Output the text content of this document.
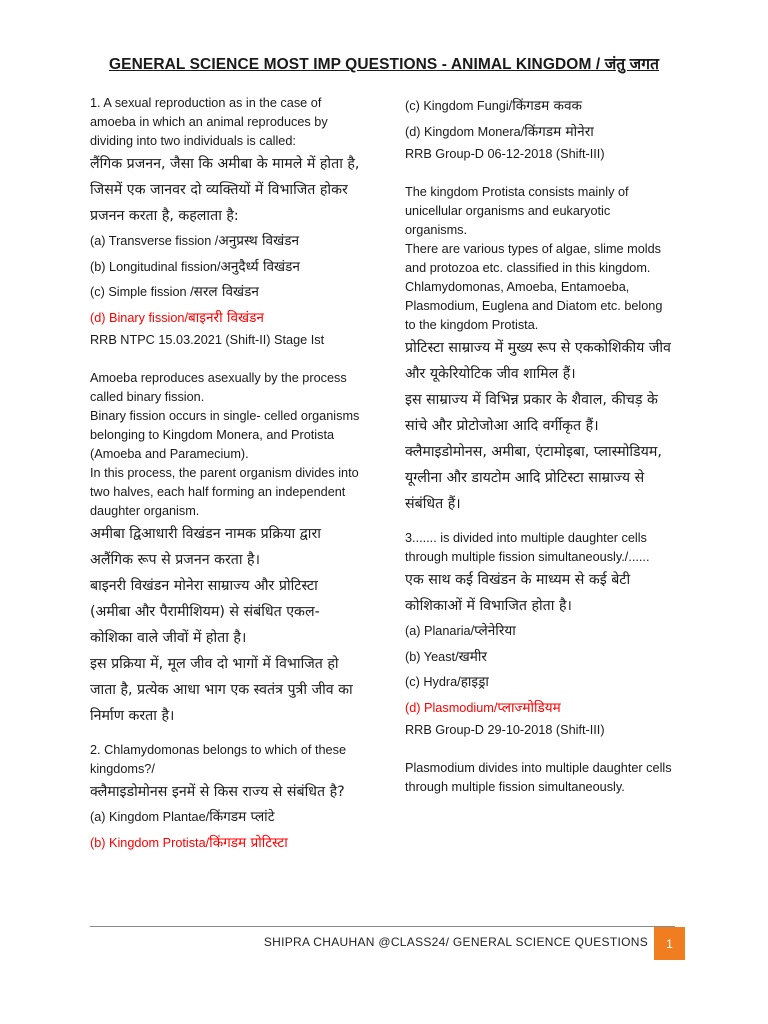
GENERAL SCIENCE MOST IMP QUESTIONS - ANIMAL KINGDOM / जंतु जगत
1. A sexual reproduction as in the case of amoeba in which an animal reproduces by dividing into two individuals is called:
लैंगिक प्रजनन, जैसा कि अमीबा के मामले में होता है, जिसमें एक जानवर दो व्यक्तियों में विभाजित होकर प्रजनन करता है, कहलाता है:
(a) Transverse fission /अनुप्रस्थ विखंडन
(b) Longitudinal fission/अनुदैर्ध्य विखंडन
(c) Simple fission /सरल विखंडन
(d) Binary fission/बाइनरी विखंडन
RRB NTPC 15.03.2021 (Shift-II) Stage Ist
Amoeba reproduces asexually by the process called binary fission.
Binary fission occurs in single- celled organisms belonging to Kingdom Monera, and Protista (Amoeba and Paramecium).
In this process, the parent organism divides into two halves, each half forming an independent daughter organism.
अमीबा द्विआधारी विखंडन नामक प्रक्रिया द्वारा अलैंगिक रूप से प्रजनन करता है।
बाइनरी विखंडन मोनेरा साम्राज्य और प्रोटिस्टा (अमीबा और पैरामीशियम) से संबंधित एकल-कोशिका वाले जीवों में होता है।
इस प्रक्रिया में, मूल जीव दो भागों में विभाजित हो जाता है, प्रत्येक आधा भाग एक स्वतंत्र पुत्री जीव का निर्माण करता है।
2. Chlamydomonas belongs to which of these kingdoms?/
क्लैमाइडोमोनस इनमें से किस राज्य से संबंधित है?
(a) Kingdom Plantae/किंगडम प्लांटे
(b) Kingdom Protista/किंगडम प्रोटिस्टा
(c) Kingdom Fungi/किंगडम कवक
(d) Kingdom Monera/किंगडम मोनेरा
RRB Group-D 06-12-2018 (Shift-III)
The kingdom Protista consists mainly of unicellular organisms and eukaryotic organisms.
There are various types of algae, slime molds and protozoa etc. classified in this kingdom.
Chlamydomonas, Amoeba, Entamoeba, Plasmodium, Euglena and Diatom etc. belong to the kingdom Protista.
प्रोटिस्टा साम्राज्य में मुख्य रूप से एककोशिकीय जीव और यूकेरियोटिक जीव शामिल हैं।
इस साम्राज्य में विभिन्न प्रकार के शैवाल, कीचड़ के सांचे और प्रोटोजोआ आदि वर्गीकृत हैं।
क्लैमाइडोमोनस, अमीबा, एंटामोइबा, प्लास्मोडियम, यूग्लीना और डायटोम आदि प्रोटिस्टा साम्राज्य से संबंधित हैं।
3....... is divided into multiple daughter cells through multiple fission simultaneously./......
एक साथ कई विखंडन के माध्यम से कई बेटी कोशिकाओं में विभाजित होता है।
(a) Planaria/प्लेनेरिया
(b) Yeast/खमीर
(c) Hydra/हाइड्रा
(d) Plasmodium/प्लाज्मोडियम
RRB Group-D 29-10-2018 (Shift-III)
Plasmodium divides into multiple daughter cells through multiple fission simultaneously.
SHIPRA CHAUHAN @CLASS24/ GENERAL SCIENCE QUESTIONS	1
